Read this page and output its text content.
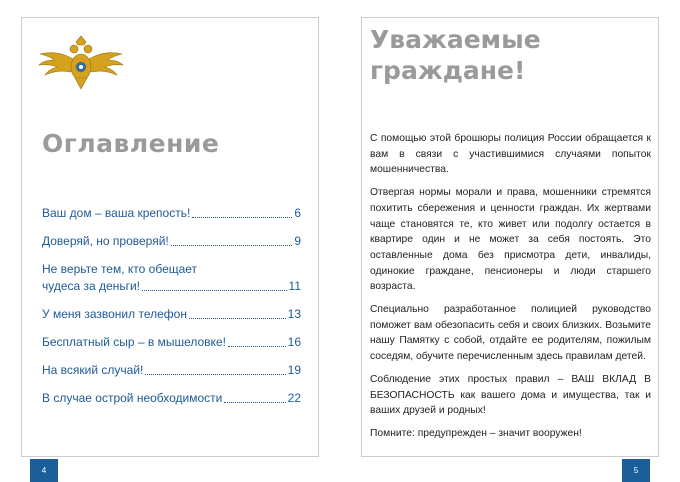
Оглавление
Ваш дом – ваша крепость!	6
Доверяй, но проверяй!	9
Не верьте тем, кто обещает
чудеса за деньги!	11
У меня зазвонил телефон	13
Бесплатный сыр – в мышеловке!	16
На всякий случай!	19
В случае острой необходимости	22
4
Уважаемые
граждане!

С помощью этой брошюры полиция России обращается к вам в связи с участившимися случаями попыток мошенничества.

Отвергая нормы морали и права, мошенники стремятся похитить сбережения и ценности граждан. Их жертвами чаще становятся те, кто живет или подолгу остается в квартире один и не может за себя постоять. Это оставленные дома без присмотра дети, инвалиды, одинокие граждане, пенсионеры и люди старшего возраста.

Специально разработанное полицией руководство поможет вам обезопасить себя и своих близких. Возьмите нашу Памятку с собой, отдайте ее родителям, пожилым соседям, обучите перечисленным здесь правилам детей.

Соблюдение этих простых правил – ВАШ ВКЛАД В БЕЗОПАСНОСТЬ как вашего дома и имущества, так и ваших друзей и родных!

Помните: предупрежден – значит вооружен!

5
